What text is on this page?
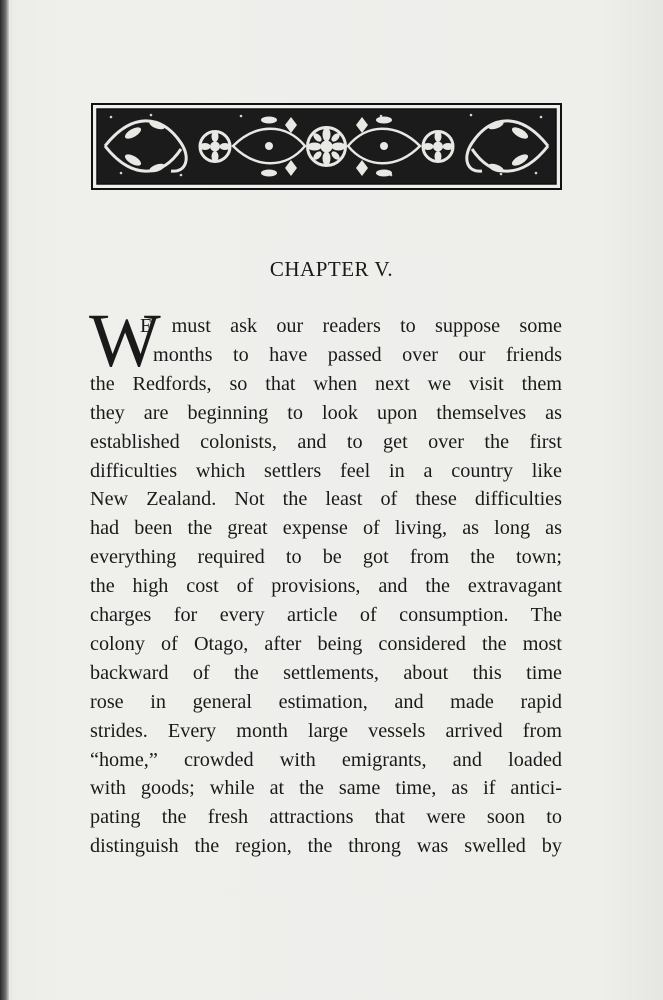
CHAPTER V.
W
E must ask our readers to suppose some
months to have passed over our friends
the Redfords, so that when next we visit them
they are beginning to look upon themselves as
established colonists, and to get over the first
difficulties which settlers feel in a country like
New Zealand. Not the least of these difficulties
had been the great expense of living, as long as
everything required to be got from the town;
the high cost of provisions, and the extravagant
charges for every article of consumption. The
colony of Otago, after being considered the most
backward of the settlements, about this time
rose in general estimation, and made rapid
strides. Every month large vessels arrived from
“home,” crowded with emigrants, and loaded
with goods; while at the same time, as if antici-
pating the fresh attractions that were soon to
distinguish the region, the throng was swelled by
